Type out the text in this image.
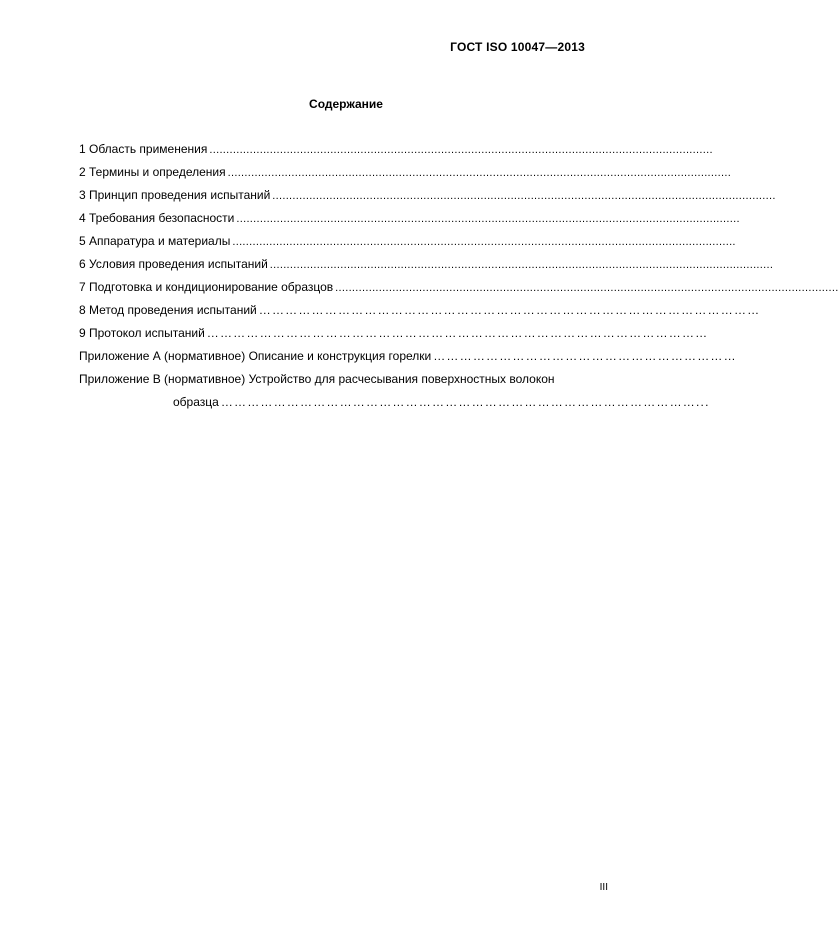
ГОСТ ISO 10047—2013
Содержание
1 Область применения ......................................................................................................................................................
2 Термины и определения ......................................................................................................................................................
3 Принцип проведения испытаний ......................................................................................................................................................
4 Требования безопасности ......................................................................................................................................................
5 Аппаратура и материалы ......................................................................................................................................................
6 Условия проведения испытаний ......................................................................................................................................................
7 Подготовка и кондиционирование образцов ......................................................................................................................................................
8 Метод проведения испытаний ……………………………………………………………………………………………………
9 Протокол испытаний ……………………………………………………………………………………………………
Приложение А (нормативное) Описание и конструкция горелки ……………………………………………………………
Приложение В (нормативное) Устройство для расчесывания поверхностных волокон
образца ………………………………………………………………………………………………...
III
